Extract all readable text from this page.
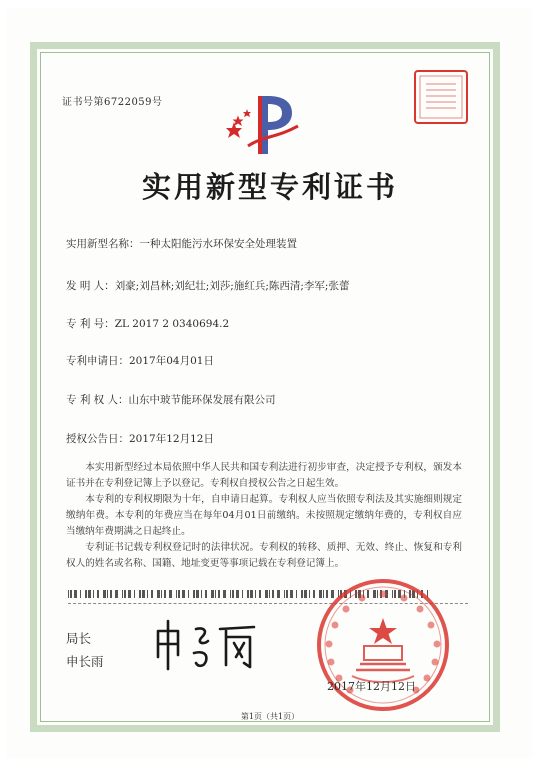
证书号第6722059号
实用新型专利证书
实用新型名称：一种太阳能污水环保安全处理装置
发 明 人：刘豪;刘昌林;刘纪壮;刘莎;施红兵;陈西清;李军;张蕾
专 利 号：ZL 2017 2 0340694.2
专利申请日：2017年04月01日
专 利 权 人：山东中玻节能环保发展有限公司
授权公告日：2017年12月12日

本实用新型经过本局依照中华人民共和国专利法进行初步审查，决定授予专利权，颁发本证书并在专利登记簿上予以登记。专利权自授权公告之日起生效。

本专利的专利权期限为十年，自申请日起算。专利权人应当依照专利法及其实施细则规定缴纳年费。本专利的年费应当在每年04月01日前缴纳。未按照规定缴纳年费的，专利权自应当缴纳年费期满之日起终止。

专利证书记载专利权登记时的法律状况。专利权的转移、质押、无效、终止、恢复和专利权人的姓名或名称、国籍、地址变更等事项记载在专利登记簿上。

局长
申长雨
2017年12月12日
第1页（共1页）
